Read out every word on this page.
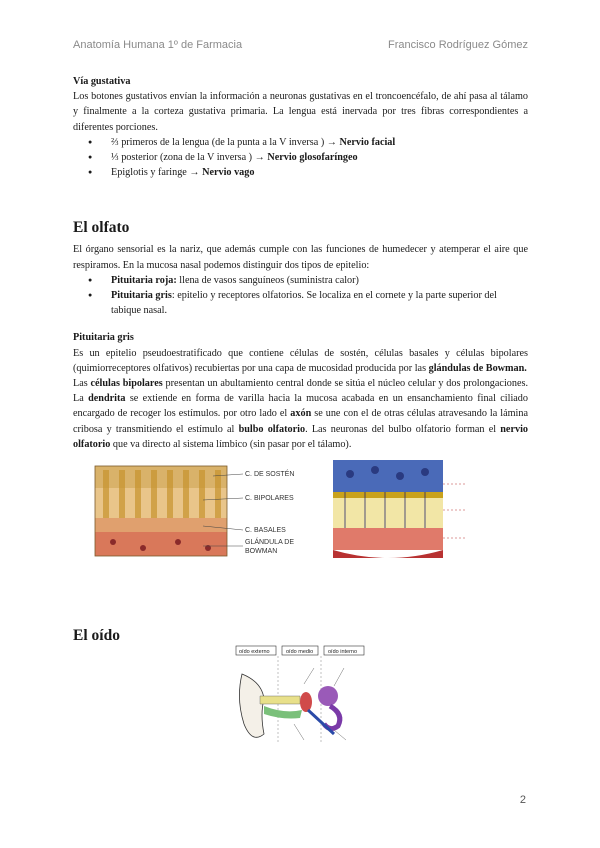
Anatomía Humana 1º de Farmacia	Francisco Rodríguez Gómez

Vía gustativa

Los botones gustativos envían la información a neuronas gustativas en el troncoencéfalo, de ahí pasa al tálamo y finalmente a la corteza gustativa primaria. La lengua está inervada por tres fibras correspondientes a diferentes porciones.

● ⅔ primeros de la lengua (de la punta a la V inversa ) → Nervio facial
● ⅓ posterior (zona de la V inversa ) → Nervio glosofaríngeo
● Epiglotis y faringe → Nervio vago
El olfato

El órgano sensorial es la nariz, que además cumple con las funciones de humedecer y atemperar el aire que respiramos. En la mucosa nasal podemos distinguir dos tipos de epitelio:

● Pituitaria roja: llena de vasos sanguíneos (suministra calor)
● Pituitaria gris: epitelio y receptores olfatorios. Se localiza en el cornete y la parte superior del tabique nasal.

Pituitaria gris

Es un epitelio pseudoestratificado que contiene células de sostén, células basales y células bipolares (quimiorreceptores olfativos) recubiertas por una capa de mucosidad producida por las glándulas de Bowman.

Las células bipolares presentan un abultamiento central donde se sitúa el núcleo celular y dos prolongaciones. La dendrita se extiende en forma de varilla hacia la mucosa acabada en un ensanchamiento final ciliado encargado de recoger los estímulos. por otro lado el axón se une con el de otras células atravesando la lámina cribosa y transmitiendo el estímulo al bulbo olfatorio. Las neuronas del bulbo olfatorio forman el nervio olfatorio que va directo al sistema límbico (sin pasar por el tálamo).

C. DE SOSTÉN
C. BIPOLARES
C. BASALES
GLÁNDULA DE
BOWMAN
El oído
oído externo	oído medio	oído interno
2
